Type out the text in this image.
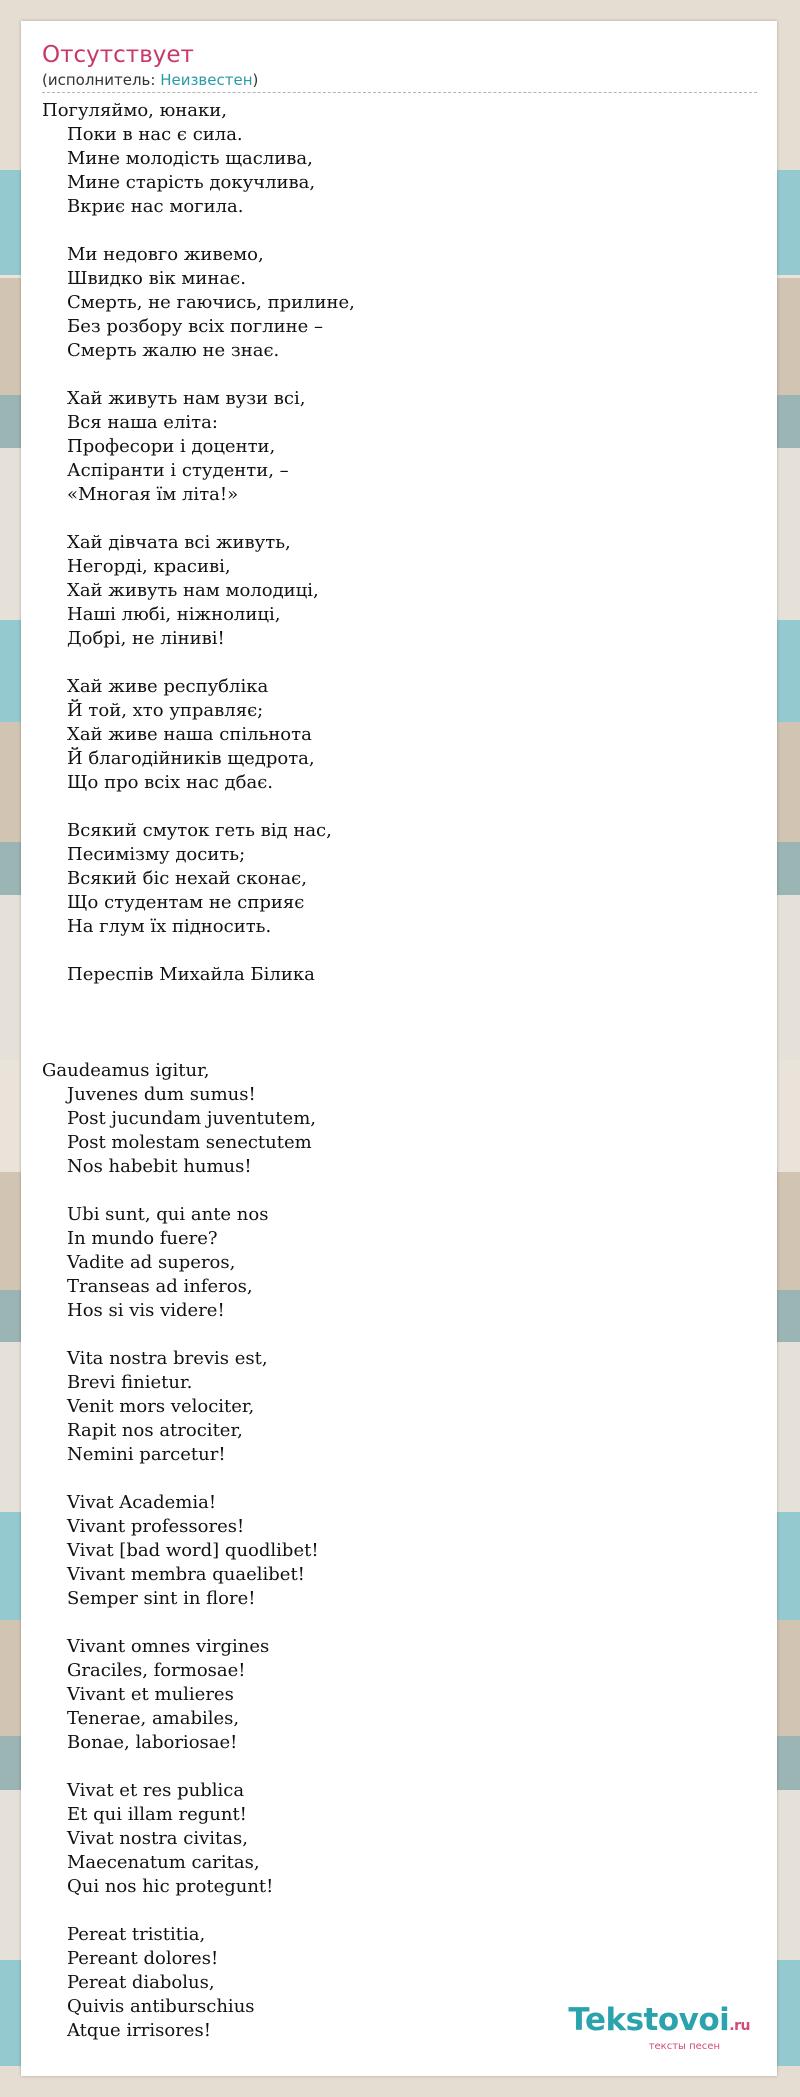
Отсутствует
(исполнитель: Неизвестен)
Погуляймо, юнаки,
Поки в нас є сила.
Мине молодість щаслива,
Мине старість докучлива,
Вкриє нас могила.
Ми недовго живемо,
Швидко вік минає.
Смерть, не гаючись, прилине,
Без розбору всіх поглине –
Смерть жалю не знає.
Хай живуть нам вузи всі,
Вся наша еліта:
Професори і доценти,
Аспіранти і студенти, –
«Многая їм літа!»
Хай дівчата всі живуть,
Негорді, красиві,
Хай живуть нам молодиці,
Наші любі, ніжнолиці,
Добрі, не ліниві!
Хай живе республіка
Й той, хто управляє;
Хай живе наша спільнота
Й благодійників щедрота,
Що про всіх нас дбає.
Всякий смуток геть від нас,
Песимізму досить;
Всякий біс нехай сконає,
Що студентам не сприяє
На глум їх підносить.
Переспів Михайла Білика
Gaudeamus igitur,
Juvenes dum sumus!
Post jucundam juventutem,
Post molestam senectutem
Nos habebit humus!
Ubi sunt, qui ante nos
In mundo fuere?
Vadite ad superos,
Transeas ad inferos,
Hos si vis videre!
Vita nostra brevis est,
Brevi finietur.
Venit mors velociter,
Rapit nos atrociter,
Nemini parcetur!
Vivat Academia!
Vivant professores!
Vivat [bad word] quodlibet!
Vivant membra quaelibet!
Semper sint in flore!
Vivant omnes virgines
Graciles, formosae!
Vivant et mulieres
Tenerae, amabiles,
Bonae, laboriosae!
Vivat et res publica
Et qui illam regunt!
Vivat nostra civitas,
Maecenatum caritas,
Qui nos hic protegunt!
Pereat tristitia,
Pereant dolores!
Pereat diabolus,
Quivis antiburschius
Atque irrisores!	Tekstovoi.ru
тексты песен
